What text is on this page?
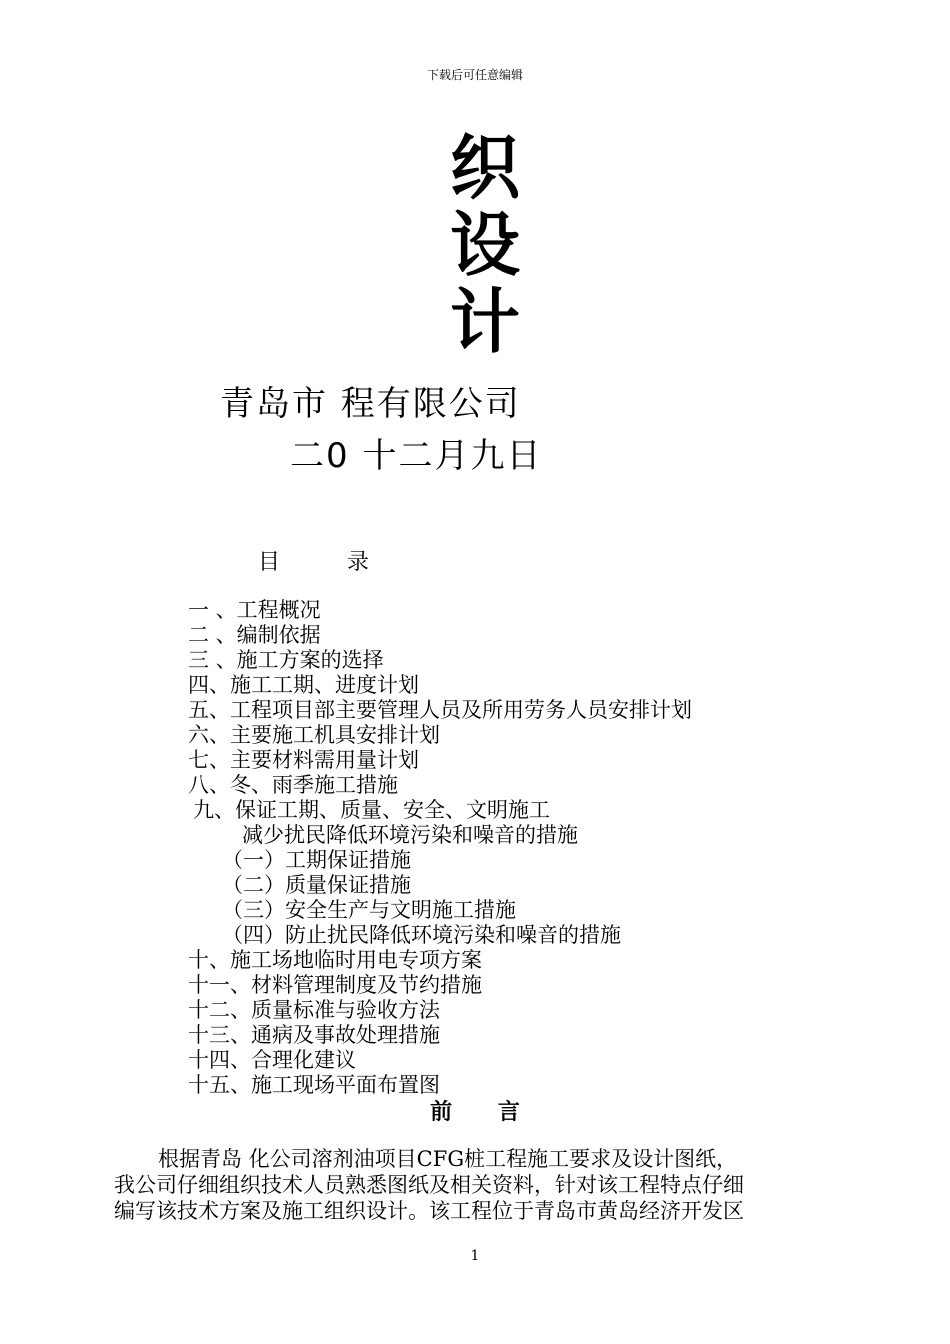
下载后可任意编辑
织
设
计
青岛市 程有限公司
二0 十二月九日
目 录
一 、工程概况
二 、编制依据
三 、施工方案的选择
四、施工工期、进度计划
五、工程项目部主要管理人员及所用劳务人员安排计划
六、主要施工机具安排计划
七、主要材料需用量计划
八、冬、雨季施工措施
九、保证工期、质量、安全、文明施工
减少扰民降低环境污染和噪音的措施
（一）工期保证措施
（二）质量保证措施
（三）安全生产与文明施工措施
（四）防止扰民降低环境污染和噪音的措施
十、施工场地临时用电专项方案
十一、材料管理制度及节约措施
十二、质量标准与验收方法
十三、通病及事故处理措施
十四、合理化建议
十五、施工现场平面布置图
前 言
根据青岛 化公司溶剂油项目CFG桩工程施工要求及设计图纸，
我公司仔细组织技术人员熟悉图纸及相关资料，针对该工程特点仔细
编写该技术方案及施工组织设计。该工程位于青岛市黄岛经济开发区
1
